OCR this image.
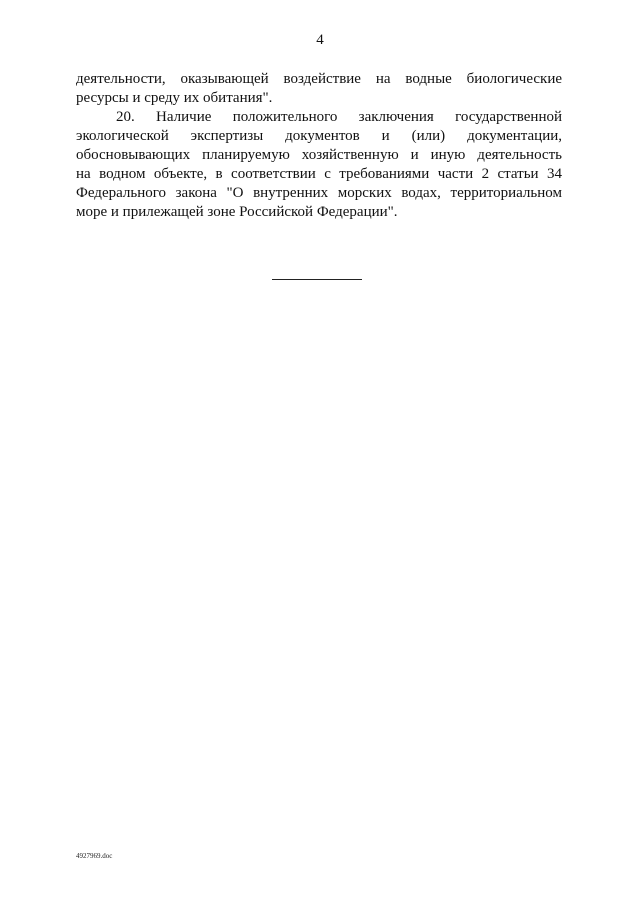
4
деятельности, оказывающей воздействие на водные биологические
ресурсы и среду их обитания".
20. Наличие положительного заключения государственной
экологической экспертизы документов и (или) документации,
обосновывающих планируемую хозяйственную и иную деятельность
на водном объекте, в соответствии с требованиями части 2 статьи 34
Федерального закона "О внутренних морских водах, территориальном
море и прилежащей зоне Российской Федерации".
4927969.doc
